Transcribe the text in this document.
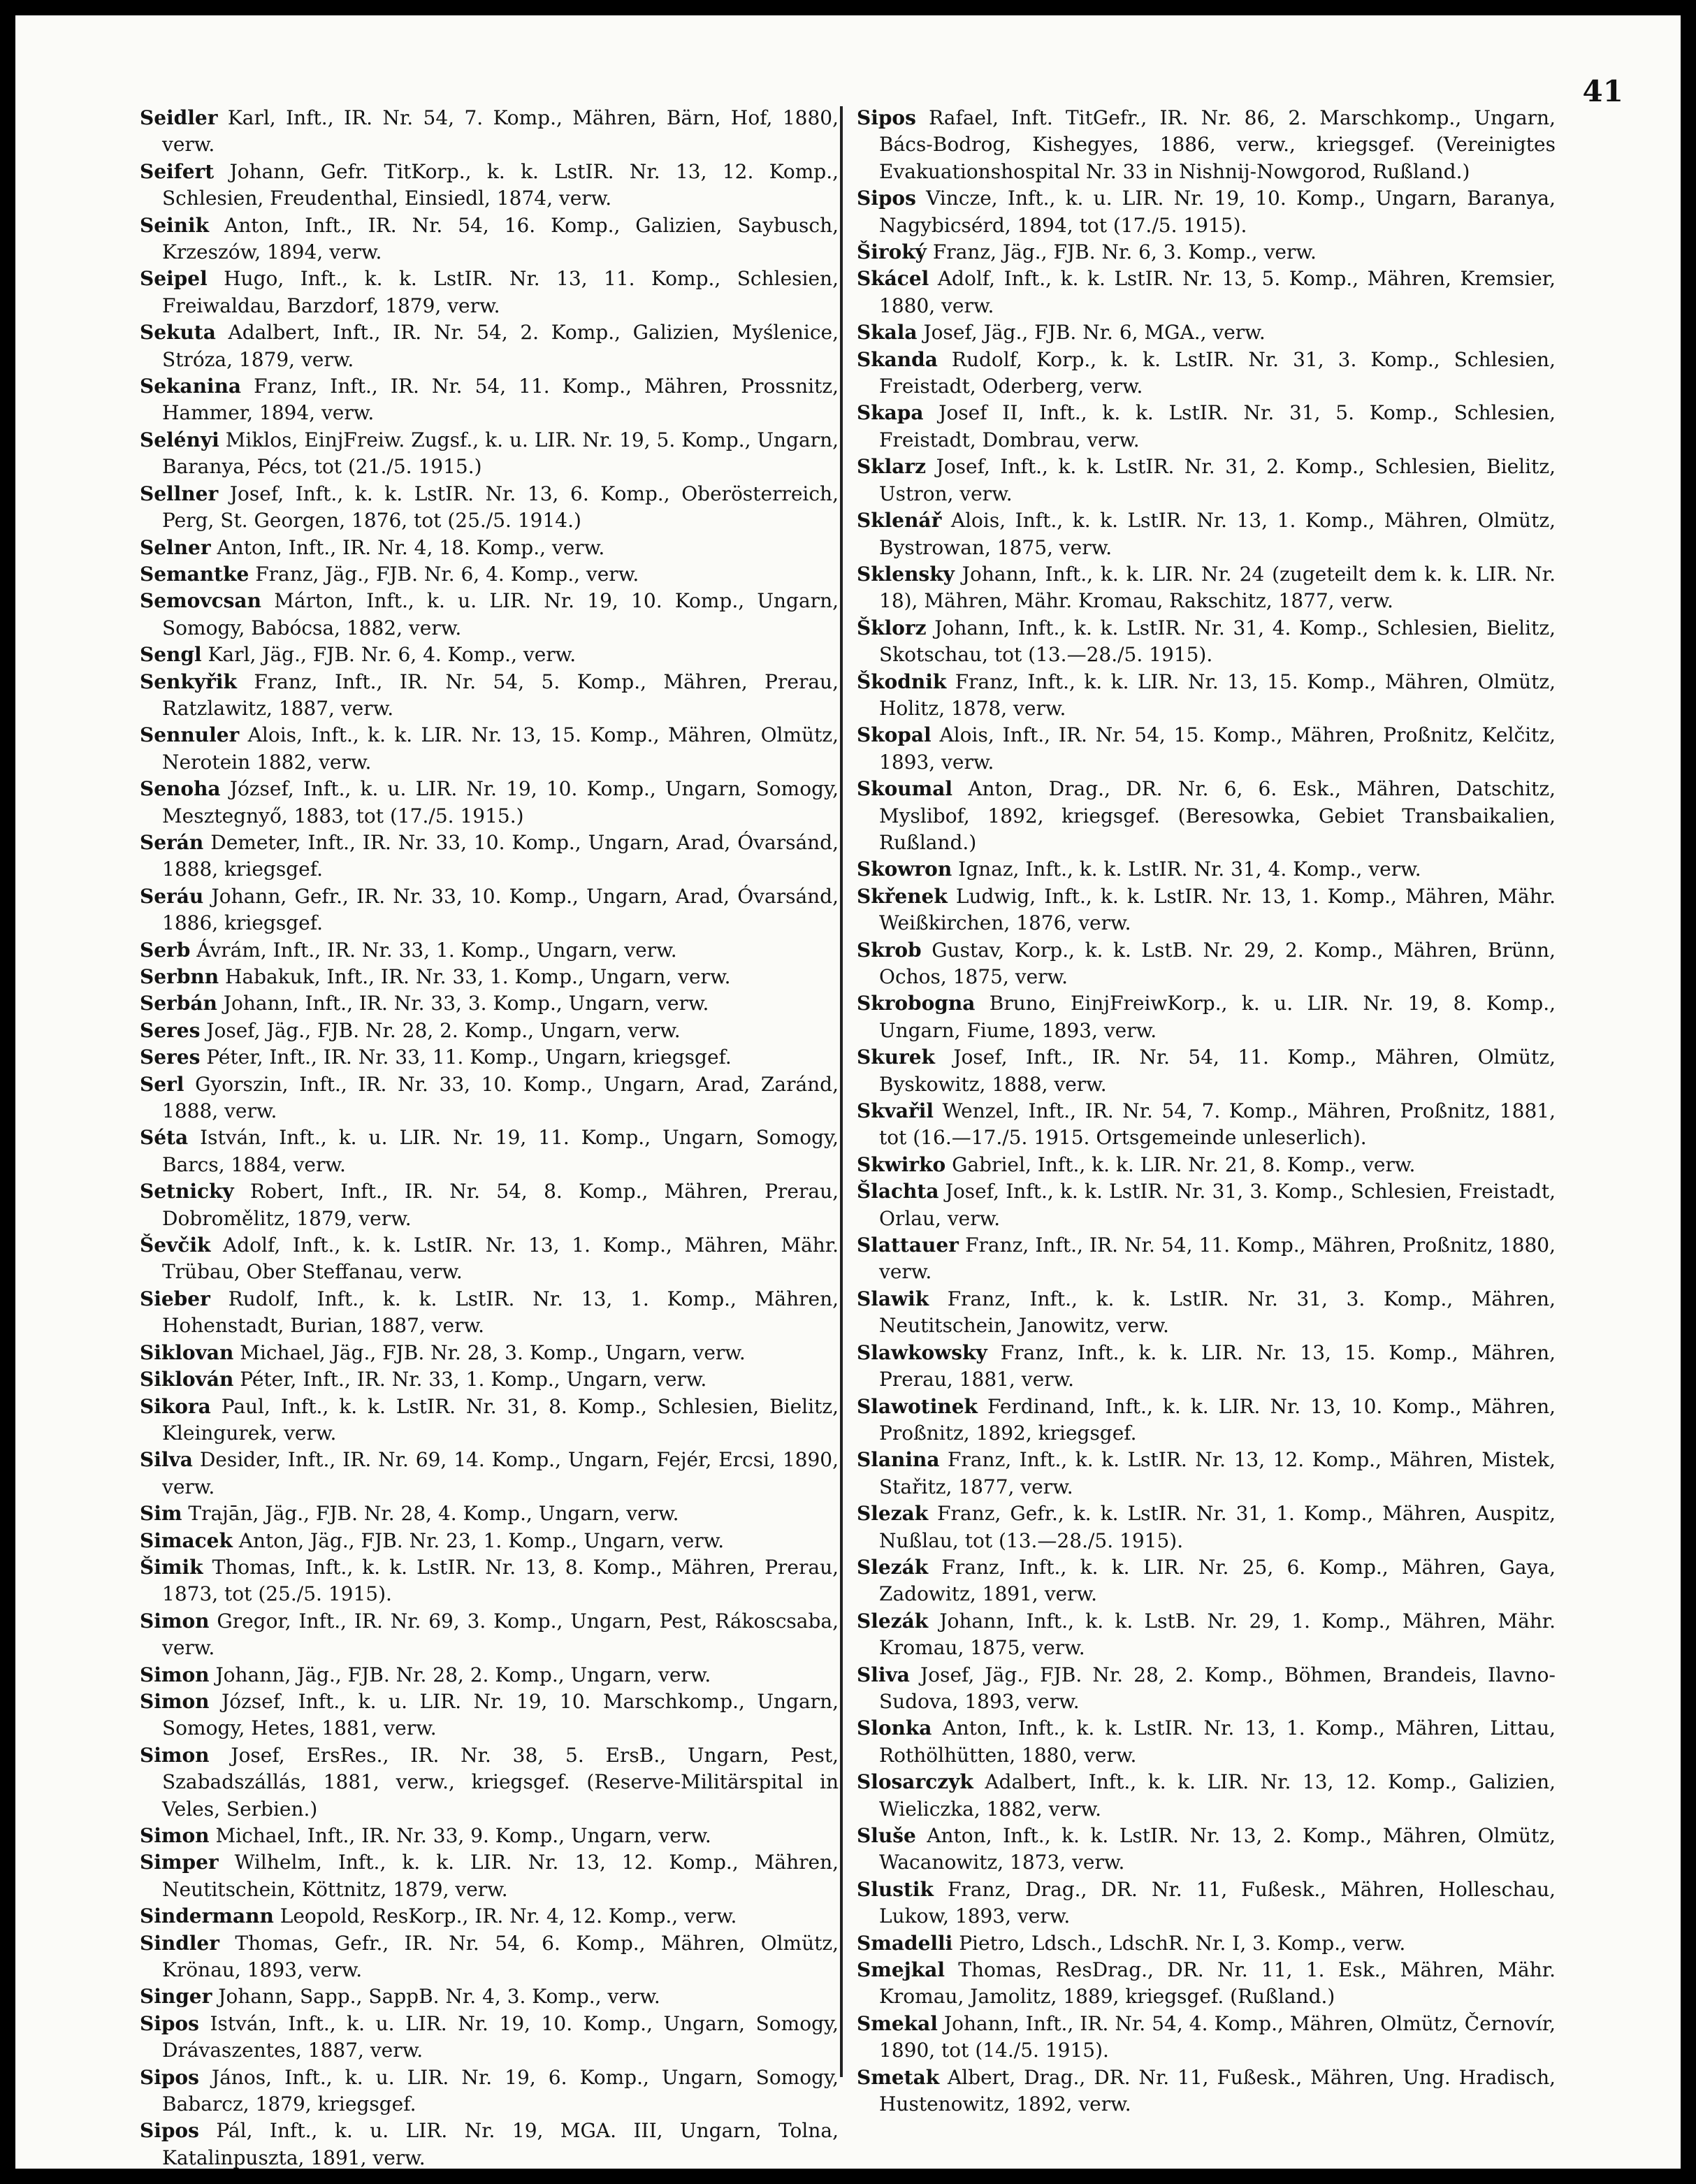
41

Seidler Karl, Inft., IR. Nr. 54, 7. Komp., Mähren, Bärn, Hof, 1880, verw.

Seifert Johann, Gefr. TitKorp., k. k. LstIR. Nr. 13, 12. Komp., Schlesien, Freudenthal, Einsiedl, 1874, verw.

Seinik Anton, Inft., IR. Nr. 54, 16. Komp., Galizien, Saybusch, Krzeszów, 1894, verw.

Seipel Hugo, Inft., k. k. LstIR. Nr. 13, 11. Komp., Schlesien, Freiwaldau, Barzdorf, 1879, verw.

Sekuta Adalbert, Inft., IR. Nr. 54, 2. Komp., Galizien, Myślenice, Stróza, 1879, verw.

Sekanina Franz, Inft., IR. Nr. 54, 11. Komp., Mähren, Prossnitz, Hammer, 1894, verw.

Selényi Miklos, EinjFreiw. Zugsf., k. u. LIR. Nr. 19, 5. Komp., Ungarn, Baranya, Pécs, tot (21./5. 1915.)

Sellner Josef, Inft., k. k. LstIR. Nr. 13, 6. Komp., Oberösterreich, Perg, St. Georgen, 1876, tot (25./5. 1914.)

Selner Anton, Inft., IR. Nr. 4, 18. Komp., verw.

Semantke Franz, Jäg., FJB. Nr. 6, 4. Komp., verw.

Semovcsan Márton, Inft., k. u. LIR. Nr. 19, 10. Komp., Ungarn, Somogy, Babócsa, 1882, verw.

Sengl Karl, Jäg., FJB. Nr. 6, 4. Komp., verw.

Senkyřik Franz, Inft., IR. Nr. 54, 5. Komp., Mähren, Prerau, Ratzlawitz, 1887, verw.

Sennuler Alois, Inft., k. k. LIR. Nr. 13, 15. Komp., Mähren, Olmütz, Nerotein 1882, verw.

Senoha József, Inft., k. u. LIR. Nr. 19, 10. Komp., Ungarn, Somogy, Mesztegnyő, 1883, tot (17./5. 1915.)

Serán Demeter, Inft., IR. Nr. 33, 10. Komp., Ungarn, Arad, Óvarsánd, 1888, kriegsgef.

Seráu Johann, Gefr., IR. Nr. 33, 10. Komp., Ungarn, Arad, Óvarsánd, 1886, kriegsgef.

Serb Ávrám, Inft., IR. Nr. 33, 1. Komp., Ungarn, verw.

Serbnn Habakuk, Inft., IR. Nr. 33, 1. Komp., Ungarn, verw.

Serbán Johann, Inft., IR. Nr. 33, 3. Komp., Ungarn, verw.

Seres Josef, Jäg., FJB. Nr. 28, 2. Komp., Ungarn, verw.

Seres Péter, Inft., IR. Nr. 33, 11. Komp., Ungarn, kriegsgef.

Serl Gyorszin, Inft., IR. Nr. 33, 10. Komp., Ungarn, Arad, Zaránd, 1888, verw.

Séta István, Inft., k. u. LIR. Nr. 19, 11. Komp., Ungarn, Somogy, Barcs, 1884, verw.

Setnicky Robert, Inft., IR. Nr. 54, 8. Komp., Mähren, Prerau, Dobromělitz, 1879, verw.

Ševčik Adolf, Inft., k. k. LstIR. Nr. 13, 1. Komp., Mähren, Mähr. Trübau, Ober Steffanau, verw.

Sieber Rudolf, Inft., k. k. LstIR. Nr. 13, 1. Komp., Mähren, Hohenstadt, Burian, 1887, verw.

Siklovan Michael, Jäg., FJB. Nr. 28, 3. Komp., Ungarn, verw.

Siklován Péter, Inft., IR. Nr. 33, 1. Komp., Ungarn, verw.

Sikora Paul, Inft., k. k. LstIR. Nr. 31, 8. Komp., Schlesien, Bielitz, Kleingurek, verw.

Silva Desider, Inft., IR. Nr. 69, 14. Komp., Ungarn, Fejér, Ercsi, 1890, verw.

Sim Trajān, Jäg., FJB. Nr. 28, 4. Komp., Ungarn, verw.

Simacek Anton, Jäg., FJB. Nr. 23, 1. Komp., Ungarn, verw.

Šimik Thomas, Inft., k. k. LstIR. Nr. 13, 8. Komp., Mähren, Prerau, 1873, tot (25./5. 1915).

Simon Gregor, Inft., IR. Nr. 69, 3. Komp., Ungarn, Pest, Rákoscsaba, verw.

Simon Johann, Jäg., FJB. Nr. 28, 2. Komp., Ungarn, verw.

Simon József, Inft., k. u. LIR. Nr. 19, 10. Marschkomp., Ungarn, Somogy, Hetes, 1881, verw.

Simon Josef, ErsRes., IR. Nr. 38, 5. ErsB., Ungarn, Pest, Szabadszállás, 1881, verw., kriegsgef. (Reserve-Militärspital in Veles, Serbien.)

Simon Michael, Inft., IR. Nr. 33, 9. Komp., Ungarn, verw.

Simper Wilhelm, Inft., k. k. LIR. Nr. 13, 12. Komp., Mähren, Neutitschein, Köttnitz, 1879, verw.

Sindermann Leopold, ResKorp., IR. Nr. 4, 12. Komp., verw.

Sindler Thomas, Gefr., IR. Nr. 54, 6. Komp., Mähren, Olmütz, Krönau, 1893, verw.

Singer Johann, Sapp., SappB. Nr. 4, 3. Komp., verw.

Sipos István, Inft., k. u. LIR. Nr. 19, 10. Komp., Ungarn, Somogy, Drávaszentes, 1887, verw.

Sipos János, Inft., k. u. LIR. Nr. 19, 6. Komp., Ungarn, Somogy, Babarcz, 1879, kriegsgef.

Sipos Pál, Inft., k. u. LIR. Nr. 19, MGA. III, Ungarn, Tolna, Katalinpuszta, 1891, verw.

Sipos Rafael, Inft. TitGefr., IR. Nr. 86, 2. Marschkomp., Ungarn, Bács-Bodrog, Kishegyes, 1886, verw., kriegsgef. (Vereinigtes Evakuationshospital Nr. 33 in Nishnij-Nowgorod, Rußland.)

Sipos Vincze, Inft., k. u. LIR. Nr. 19, 10. Komp., Ungarn, Baranya, Nagybicsérd, 1894, tot (17./5. 1915).

Široký Franz, Jäg., FJB. Nr. 6, 3. Komp., verw.

Skácel Adolf, Inft., k. k. LstIR. Nr. 13, 5. Komp., Mähren, Kremsier, 1880, verw.

Skala Josef, Jäg., FJB. Nr. 6, MGA., verw.

Skanda Rudolf, Korp., k. k. LstIR. Nr. 31, 3. Komp., Schlesien, Freistadt, Oderberg, verw.

Skapa Josef II, Inft., k. k. LstIR. Nr. 31, 5. Komp., Schlesien, Freistadt, Dombrau, verw.

Sklarz Josef, Inft., k. k. LstIR. Nr. 31, 2. Komp., Schlesien, Bielitz, Ustron, verw.

Sklenář Alois, Inft., k. k. LstIR. Nr. 13, 1. Komp., Mähren, Olmütz, Bystrowan, 1875, verw.

Sklensky Johann, Inft., k. k. LIR. Nr. 24 (zugeteilt dem k. k. LIR. Nr. 18), Mähren, Mähr. Kromau, Rakschitz, 1877, verw.

Šklorz Johann, Inft., k. k. LstIR. Nr. 31, 4. Komp., Schlesien, Bielitz, Skotschau, tot (13.—28./5. 1915).

Škodnik Franz, Inft., k. k. LIR. Nr. 13, 15. Komp., Mähren, Olmütz, Holitz, 1878, verw.

Skopal Alois, Inft., IR. Nr. 54, 15. Komp., Mähren, Proßnitz, Kelčitz, 1893, verw.

Skoumal Anton, Drag., DR. Nr. 6, 6. Esk., Mähren, Datschitz, Myslibof, 1892, kriegsgef. (Beresowka, Gebiet Transbaikalien, Rußland.)

Skowron Ignaz, Inft., k. k. LstIR. Nr. 31, 4. Komp., verw.

Skřenek Ludwig, Inft., k. k. LstIR. Nr. 13, 1. Komp., Mähren, Mähr. Weißkirchen, 1876, verw.

Skrob Gustav, Korp., k. k. LstB. Nr. 29, 2. Komp., Mähren, Brünn, Ochos, 1875, verw.

Skrobogna Bruno, EinjFreiwKorp., k. u. LIR. Nr. 19, 8. Komp., Ungarn, Fiume, 1893, verw.

Skurek Josef, Inft., IR. Nr. 54, 11. Komp., Mähren, Olmütz, Byskowitz, 1888, verw.

Skvařil Wenzel, Inft., IR. Nr. 54, 7. Komp., Mähren, Proßnitz, 1881, tot (16.—17./5. 1915. Ortsgemeinde unleserlich).

Skwirko Gabriel, Inft., k. k. LIR. Nr. 21, 8. Komp., verw.

Šlachta Josef, Inft., k. k. LstIR. Nr. 31, 3. Komp., Schlesien, Freistadt, Orlau, verw.

Slattauer Franz, Inft., IR. Nr. 54, 11. Komp., Mähren, Proßnitz, 1880, verw.

Slawik Franz, Inft., k. k. LstIR. Nr. 31, 3. Komp., Mähren, Neutitschein, Janowitz, verw.

Slawkowsky Franz, Inft., k. k. LIR. Nr. 13, 15. Komp., Mähren, Prerau, 1881, verw.

Slawotinek Ferdinand, Inft., k. k. LIR. Nr. 13, 10. Komp., Mähren, Proßnitz, 1892, kriegsgef.

Slanina Franz, Inft., k. k. LstIR. Nr. 13, 12. Komp., Mähren, Mistek, Stařitz, 1877, verw.

Slezak Franz, Gefr., k. k. LstIR. Nr. 31, 1. Komp., Mähren, Auspitz, Nußlau, tot (13.—28./5. 1915).

Slezák Franz, Inft., k. k. LIR. Nr. 25, 6. Komp., Mähren, Gaya, Zadowitz, 1891, verw.

Slezák Johann, Inft., k. k. LstB. Nr. 29, 1. Komp., Mähren, Mähr. Kromau, 1875, verw.

Sliva Josef, Jäg., FJB. Nr. 28, 2. Komp., Böhmen, Brandeis, Ilavno-Sudova, 1893, verw.

Slonka Anton, Inft., k. k. LstIR. Nr. 13, 1. Komp., Mähren, Littau, Rothölhütten, 1880, verw.

Slosarczyk Adalbert, Inft., k. k. LIR. Nr. 13, 12. Komp., Galizien, Wieliczka, 1882, verw.

Sluše Anton, Inft., k. k. LstIR. Nr. 13, 2. Komp., Mähren, Olmütz, Wacanowitz, 1873, verw.

Slustik Franz, Drag., DR. Nr. 11, Fußesk., Mähren, Holleschau, Lukow, 1893, verw.

Smadelli Pietro, Ldsch., LdschR. Nr. I, 3. Komp., verw.

Smejkal Thomas, ResDrag., DR. Nr. 11, 1. Esk., Mähren, Mähr. Kromau, Jamolitz, 1889, kriegsgef. (Rußland.)

Smekal Johann, Inft., IR. Nr. 54, 4. Komp., Mähren, Olmütz, Černovír, 1890, tot (14./5. 1915).

Smetak Albert, Drag., DR. Nr. 11, Fußesk., Mähren, Ung. Hradisch, Hustenowitz, 1892, verw.
